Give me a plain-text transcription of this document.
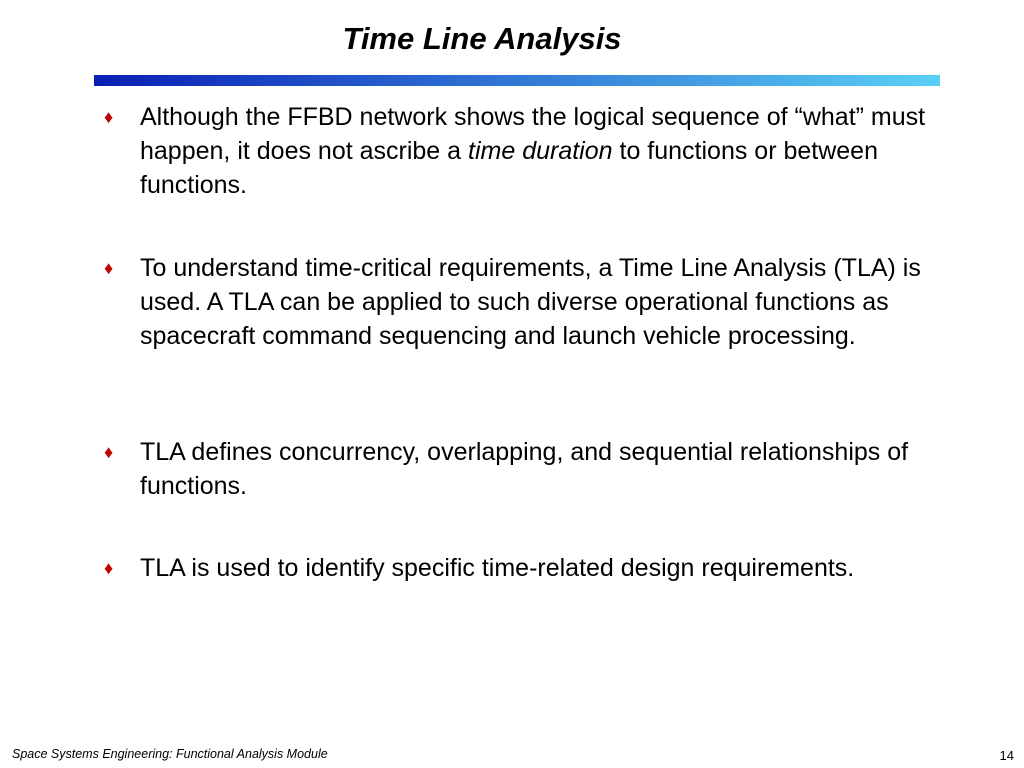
Time Line Analysis
♦	Although the FFBD network shows the logical sequence of “what” must happen, it does not ascribe a time duration to functions or between functions.
♦	To understand time-critical requirements, a Time Line Analysis (TLA) is used. A TLA can be applied to such diverse operational functions as spacecraft command sequencing and launch vehicle processing.
♦	TLA defines concurrency, overlapping, and sequential relationships of functions.
♦	TLA is used to identify specific time-related design requirements.
Space Systems Engineering: Functional Analysis Module	14
